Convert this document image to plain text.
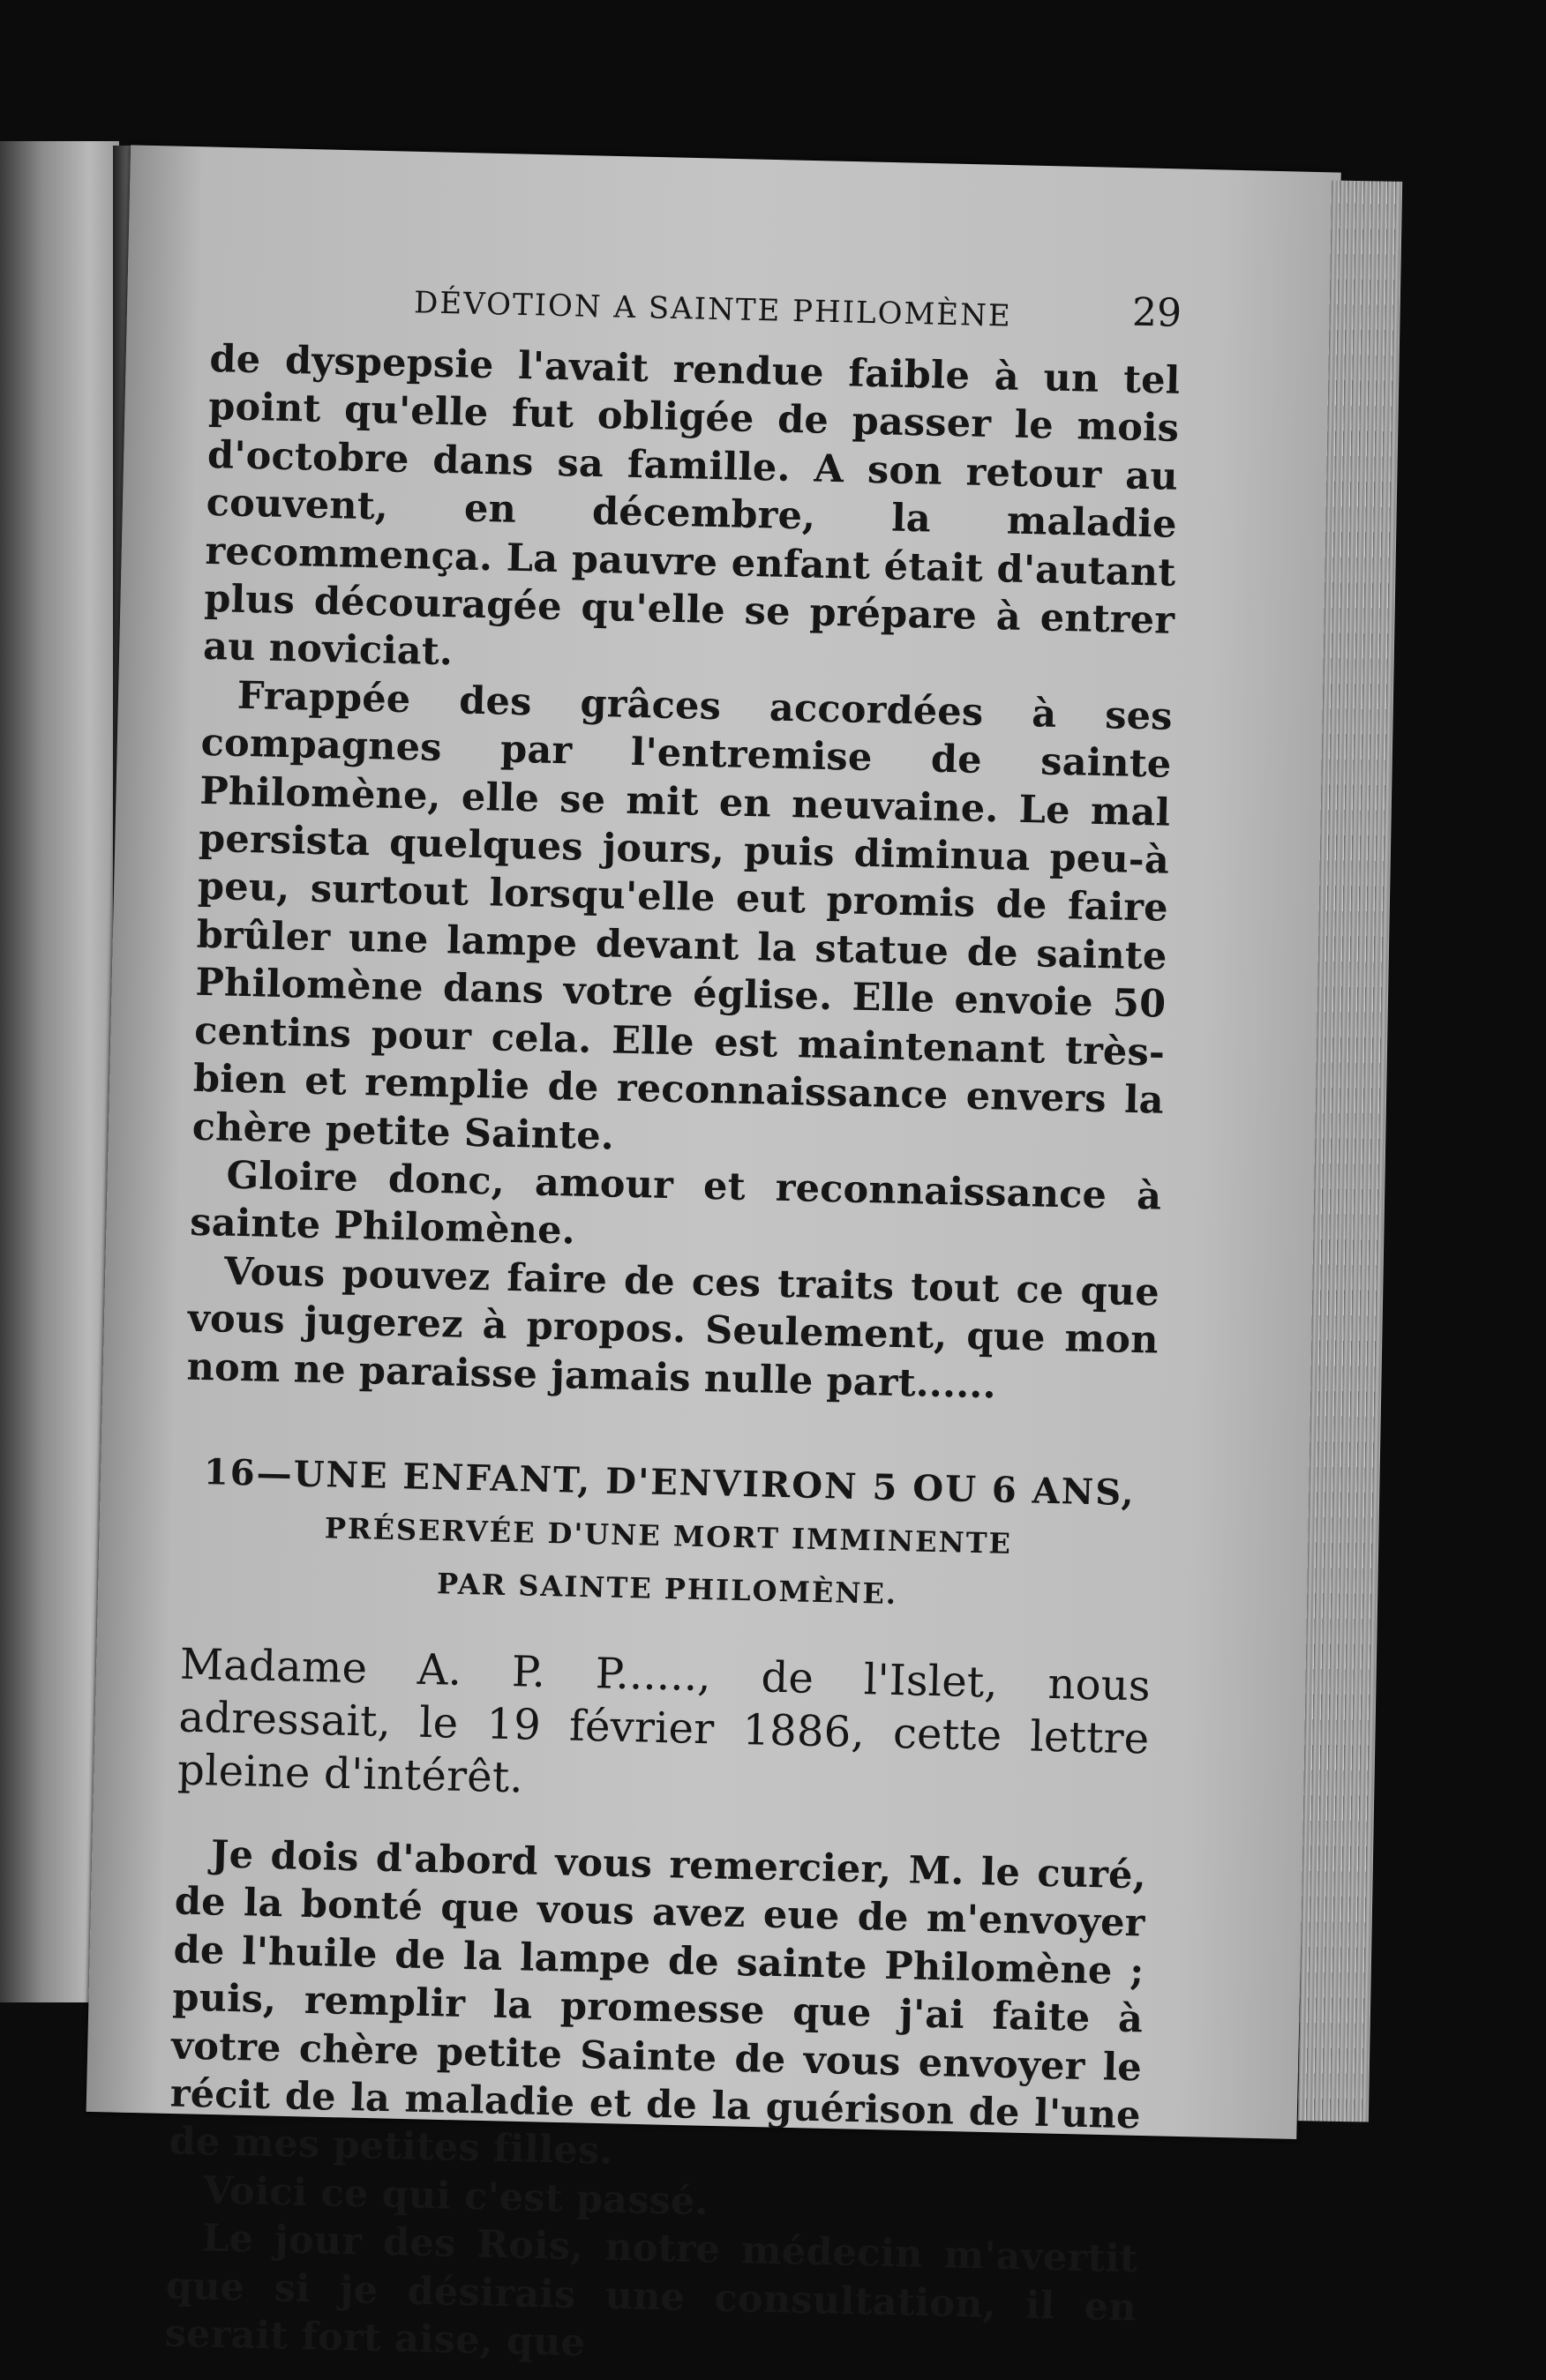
DÉVOTION A SAINTE PHILOMÈNE	29

de dyspepsie l'avait rendue faible à un tel point qu'elle fut obligée de passer le mois d'octobre dans sa famille. A son retour au couvent, en décembre, la maladie recommença. La pauvre enfant était d'autant plus découragée qu'elle se prépare à entrer au noviciat.

Frappée des grâces accordées à ses compagnes par l'entremise de sainte Philomène, elle se mit en neuvaine. Le mal persista quelques jours, puis diminua peu-à peu, surtout lorsqu'elle eut promis de faire brûler une lampe devant la statue de sainte Philomène dans votre église. Elle envoie 50 centins pour cela. Elle est maintenant très-bien et remplie de reconnaissance envers la chère petite Sainte.

Gloire donc, amour et reconnaissance à sainte Philomène.

Vous pouvez faire de ces traits tout ce que vous jugerez à propos. Seulement, que mon nom ne paraisse jamais nulle part......

16—UNE ENFANT, D'ENVIRON 5 OU 6 ANS,
PRÉSERVÉE D'UNE MORT IMMINENTE
PAR SAINTE PHILOMÈNE.

Madame A. P. P......, de l'Islet, nous adressait, le 19 février 1886, cette lettre pleine d'intérêt.

Je dois d'abord vous remercier, M. le curé, de la bonté que vous avez eue de m'envoyer de l'huile de la lampe de sainte Philomène ; puis, remplir la promesse que j'ai faite à votre chère petite Sainte de vous envoyer le récit de la maladie et de la guérison de l'une de mes petites filles.

Voici ce qui c'est passé.

Le jour des Rois, notre médecin m'avertit que si je désirais une consultation, il en serait fort aise, que
